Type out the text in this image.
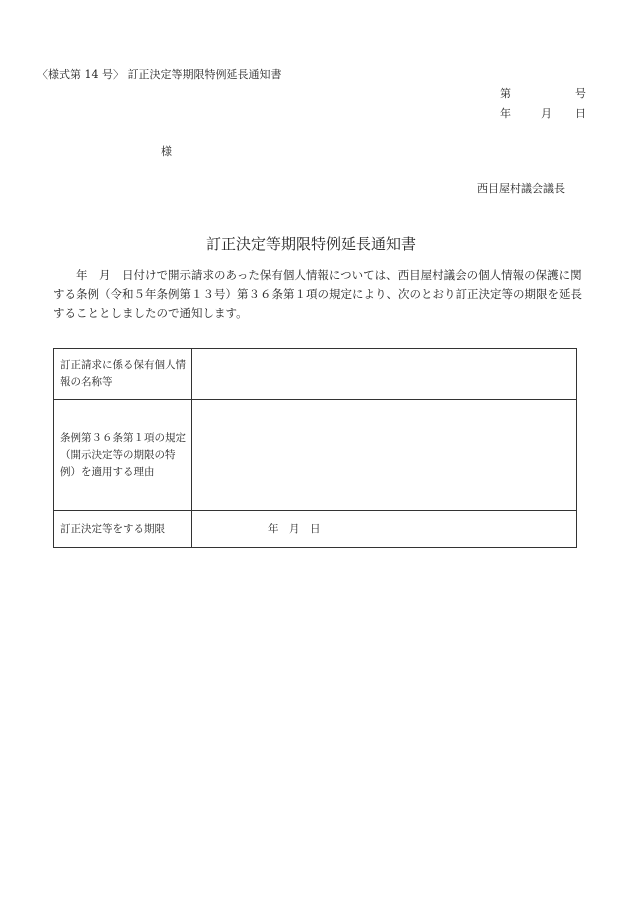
〈様式第 14 号〉 訂正決定等期限特例延長通知書
第	号
年	月 日
様
西目屋村議会議長
訂正決定等期限特例延長通知書
　　年　月　日付けで開示請求のあった保有個人情報については、西目屋村議会の個人情報の保護に関する条例（令和５年条例第１３号）第３６条第１項の規定により、次のとおり訂正決定等の期限を延長することとしましたので通知します。
訂正請求に係る保有個人情報の名称等	
条例第３６条第１項の規定（開示決定等の期限の特例）を適用する理由	
訂正決定等をする期限	年　月　日
